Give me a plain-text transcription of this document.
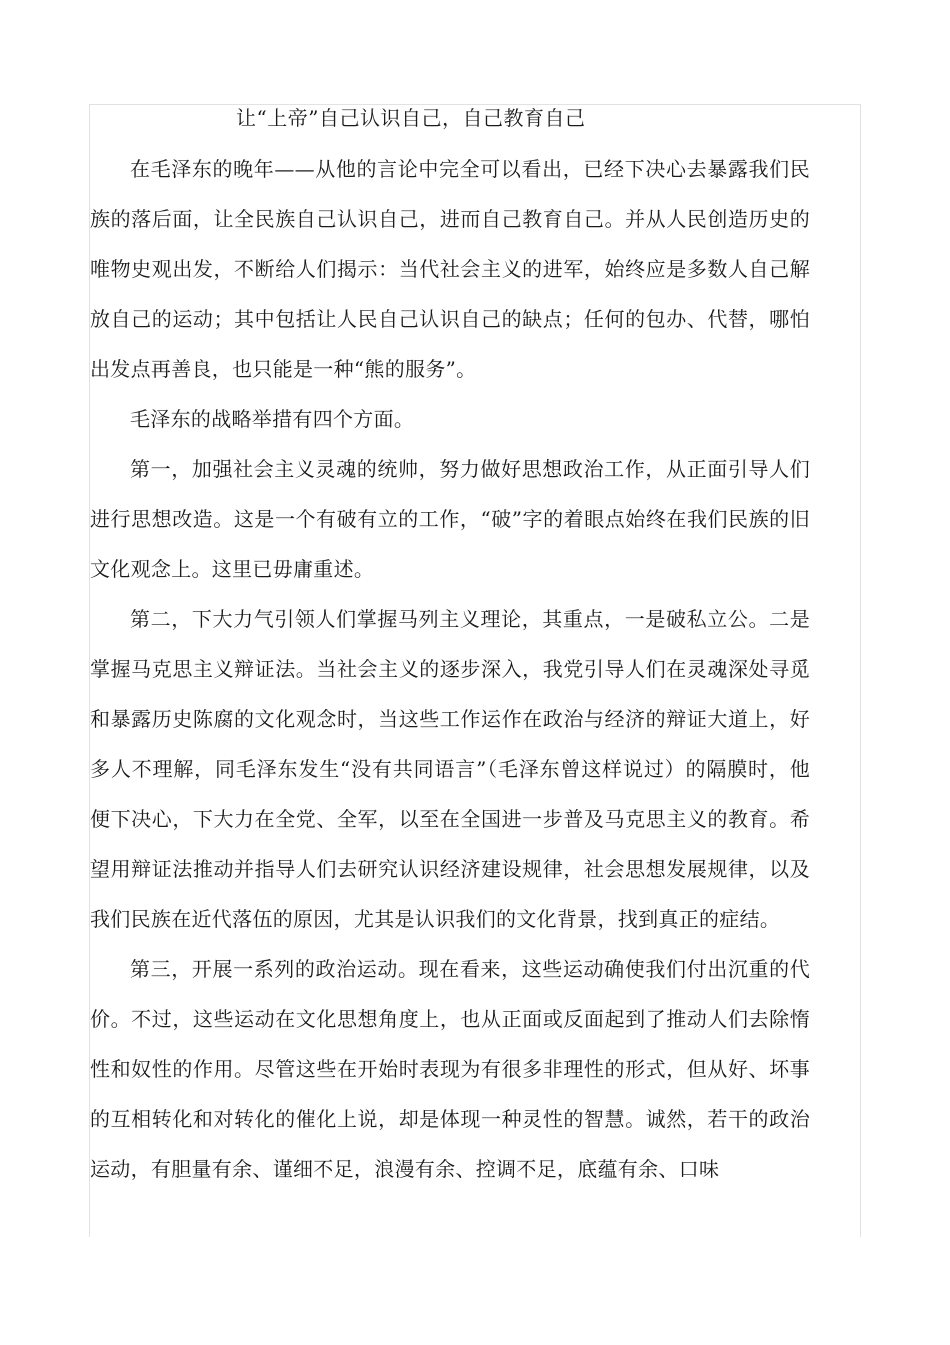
让“上帝”自己认识自己，自己教育自己

在毛泽东的晚年——从他的言论中完全可以看出，已经下决心去暴露我们民族的落后面，让全民族自己认识自己，进而自己教育自己。并从人民创造历史的唯物史观出发，不断给人们揭示：当代社会主义的进军，始终应是多数人自己解放自己的运动；其中包括让人民自己认识自己的缺点；任何的包办、代替，哪怕出发点再善良，也只能是一种“熊的服务”。

毛泽东的战略举措有四个方面。

第一，加强社会主义灵魂的统帅，努力做好思想政治工作，从正面引导人们进行思想改造。这是一个有破有立的工作，“破”字的着眼点始终在我们民族的旧文化观念上。这里已毋庸重述。

第二，下大力气引领人们掌握马列主义理论，其重点，一是破私立公。二是掌握马克思主义辩证法。当社会主义的逐步深入，我党引导人们在灵魂深处寻觅和暴露历史陈腐的文化观念时，当这些工作运作在政治与经济的辩证大道上，好多人不理解，同毛泽东发生“没有共同语言”（毛泽东曾这样说过）的隔膜时，他便下决心，下大力在全党、全军，以至在全国进一步普及马克思主义的教育。希望用辩证法推动并指导人们去研究认识经济建设规律，社会思想发展规律，以及我们民族在近代落伍的原因，尤其是认识我们的文化背景，找到真正的症结。

第三，开展一系列的政治运动。现在看来，这些运动确使我们付出沉重的代价。不过，这些运动在文化思想角度上，也从正面或反面起到了推动人们去除惰性和奴性的作用。尽管这些在开始时表现为有很多非理性的形式，但从好、坏事的互相转化和对转化的催化上说，却是体现一种灵性的智慧。诚然，若干的政治运动，有胆量有余、谨细不足，浪漫有余、控调不足，底蕴有余、口味
